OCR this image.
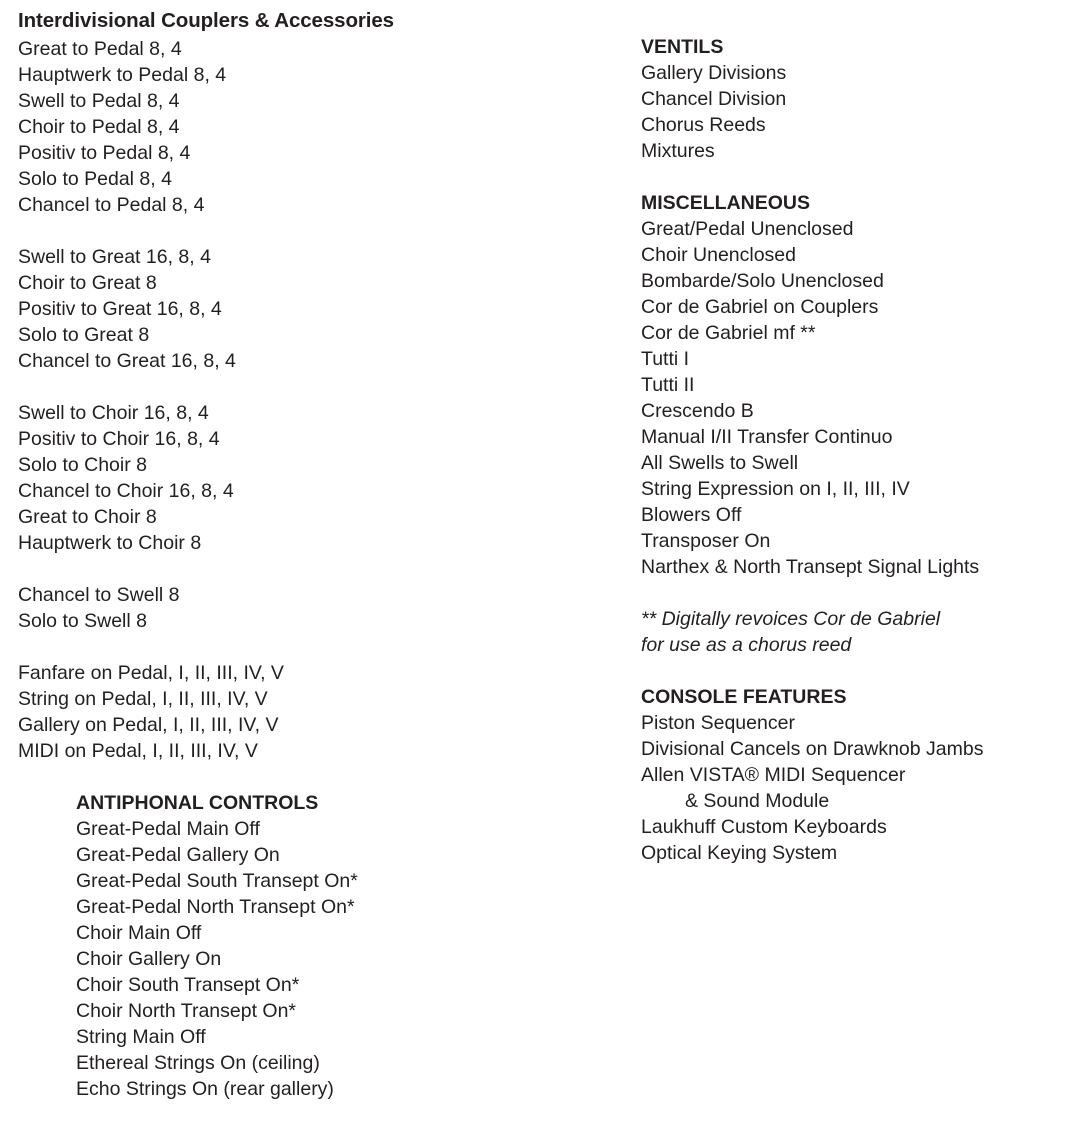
Interdivisional Couplers & Accessories
Great to Pedal 8, 4
Hauptwerk to Pedal 8, 4
Swell to Pedal 8, 4
Choir to Pedal 8, 4
Positiv to Pedal 8, 4
Solo to Pedal 8, 4
Chancel to Pedal 8, 4
Swell to Great 16, 8, 4
Choir to Great 8
Positiv to Great 16, 8, 4
Solo to Great 8
Chancel to Great 16, 8, 4
Swell to Choir 16, 8, 4
Positiv to Choir 16, 8, 4
Solo to Choir 8
Chancel to Choir 16, 8, 4
Great to Choir 8
Hauptwerk to Choir 8
Chancel to Swell 8
Solo to Swell 8
Fanfare on Pedal, I, II, III, IV, V
String on Pedal, I, II, III, IV, V
Gallery on Pedal, I, II, III, IV, V
MIDI on Pedal, I, II, III, IV, V
ANTIPHONAL CONTROLS
Great-Pedal Main Off
Great-Pedal Gallery On
Great-Pedal South Transept On*
Great-Pedal North Transept On*
Choir Main Off
Choir Gallery On
Choir South Transept On*
Choir North Transept On*
String Main Off
Ethereal Strings On (ceiling)
Echo Strings On (rear gallery)
VENTILS
Gallery Divisions
Chancel Division
Chorus Reeds
Mixtures
MISCELLANEOUS
Great/Pedal Unenclosed
Choir Unenclosed
Bombarde/Solo Unenclosed
Cor de Gabriel on Couplers
Cor de Gabriel mf **
Tutti I
Tutti II
Crescendo B
Manual I/II Transfer Continuo
All Swells to Swell
String Expression on I, II, III, IV
Blowers Off
Transposer On
Narthex & North Transept Signal Lights
** Digitally revoices Cor de Gabriel
for use as a chorus reed
CONSOLE FEATURES
Piston Sequencer
Divisional Cancels on Drawknob Jambs
Allen VISTA® MIDI Sequencer
& Sound Module
Laukhuff Custom Keyboards
Optical Keying System
